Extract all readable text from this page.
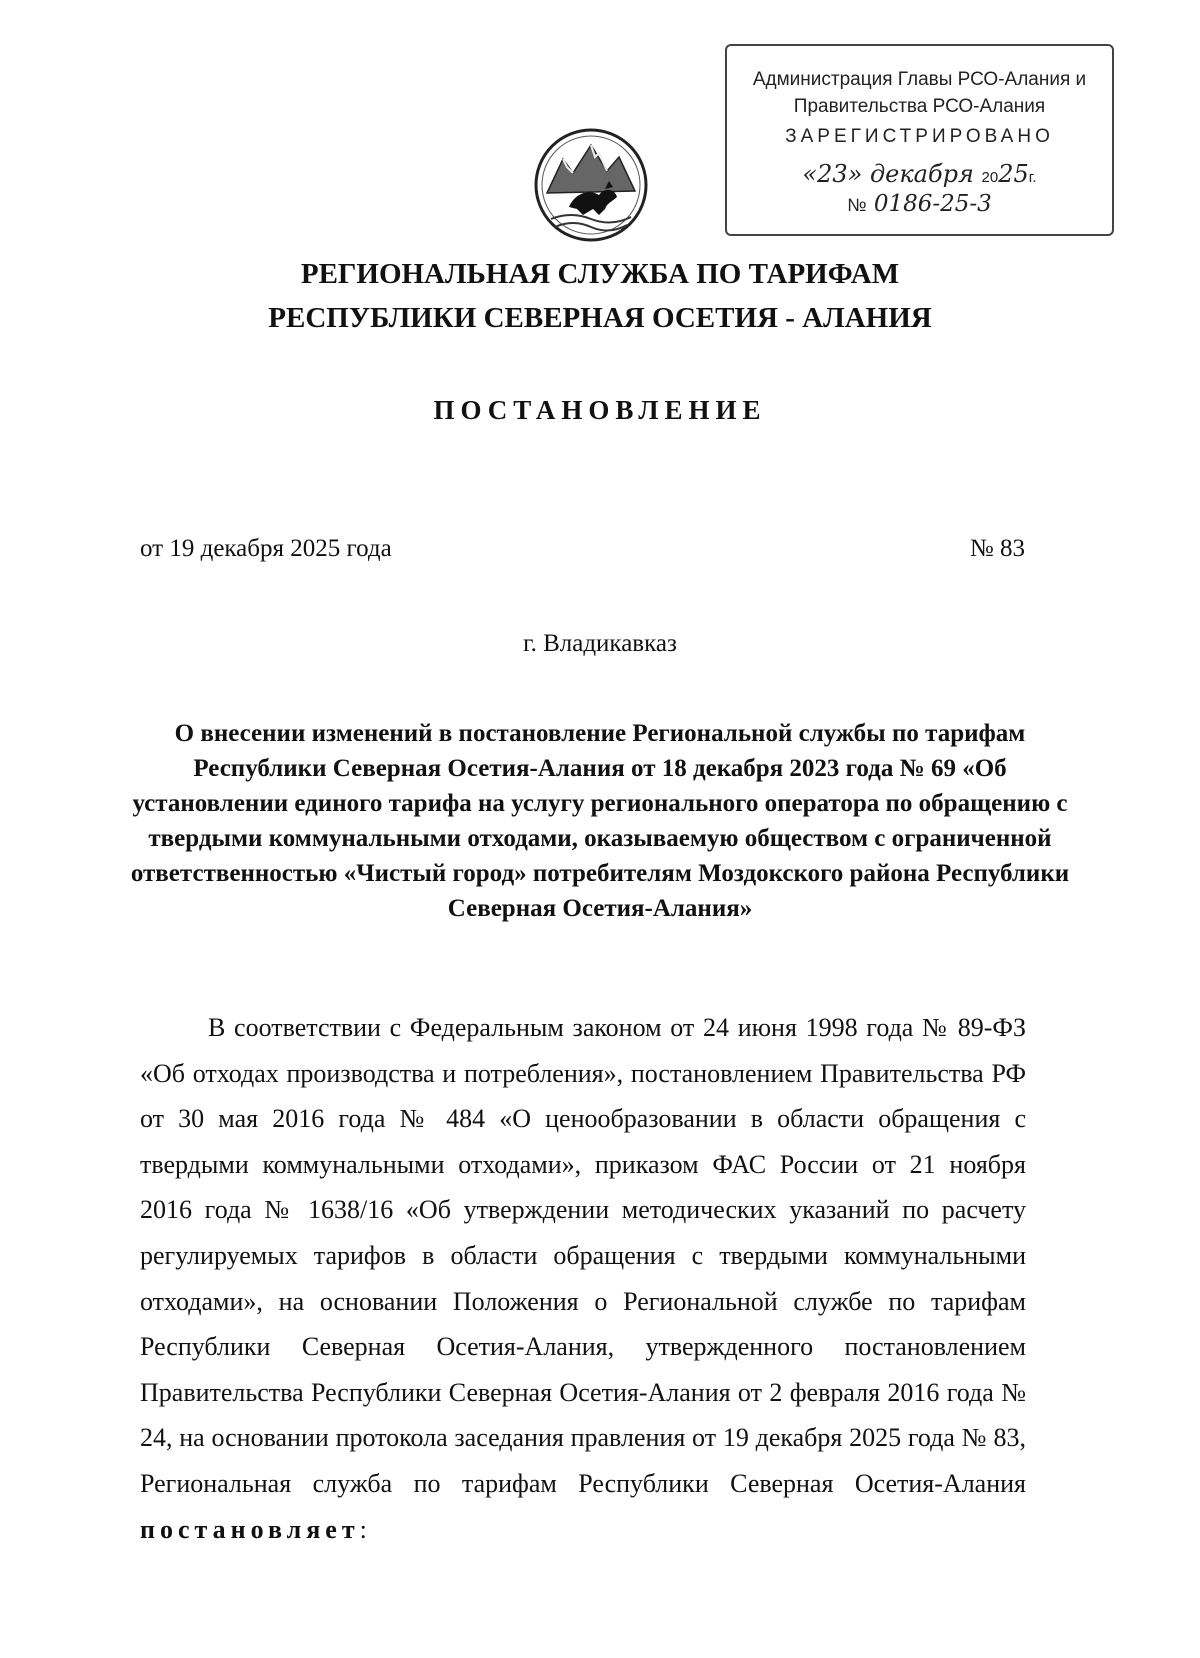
Администрация Главы РСО-Алания и
Правительства РСО-Алания
ЗАРЕГИСТРИРОВАНО
«23» декабря 2025г.
№ 0186-25-3
РЕГИОНАЛЬНАЯ СЛУЖБА ПО ТАРИФАМ
РЕСПУБЛИКИ СЕВЕРНАЯ ОСЕТИЯ - АЛАНИЯ
ПОСТАНОВЛЕНИЕ
от 19 декабря 2025 года	№ 83
г. Владикавказ
О внесении изменений в постановление Региональной службы по тарифам Республики Северная Осетия-Алания от 18 декабря 2023 года № 69 «Об установлении единого тарифа на услугу регионального оператора по обращению с твердыми коммунальными отходами, оказываемую обществом с ограниченной ответственностью «Чистый город» потребителям Моздокского района Республики Северная Осетия-Алания»
В соответствии с Федеральным законом от 24 июня 1998 года № 89-ФЗ «Об отходах производства и потребления», постановлением Правительства РФ от 30 мая 2016 года № 484 «О ценообразовании в области обращения с твердыми коммунальными отходами», приказом ФАС России от 21 ноября 2016 года № 1638/16 «Об утверждении методических указаний по расчету регулируемых тарифов в области обращения с твердыми коммунальными отходами», на основании Положения о Региональной службе по тарифам Республики Северная Осетия-Алания, утвержденного постановлением Правительства Республики Северная Осетия-Алания от 2 февраля 2016 года № 24, на основании протокола заседания правления от 19 декабря 2025 года № 83, Региональная служба по тарифам Республики Северная Осетия-Алания постановляет:
